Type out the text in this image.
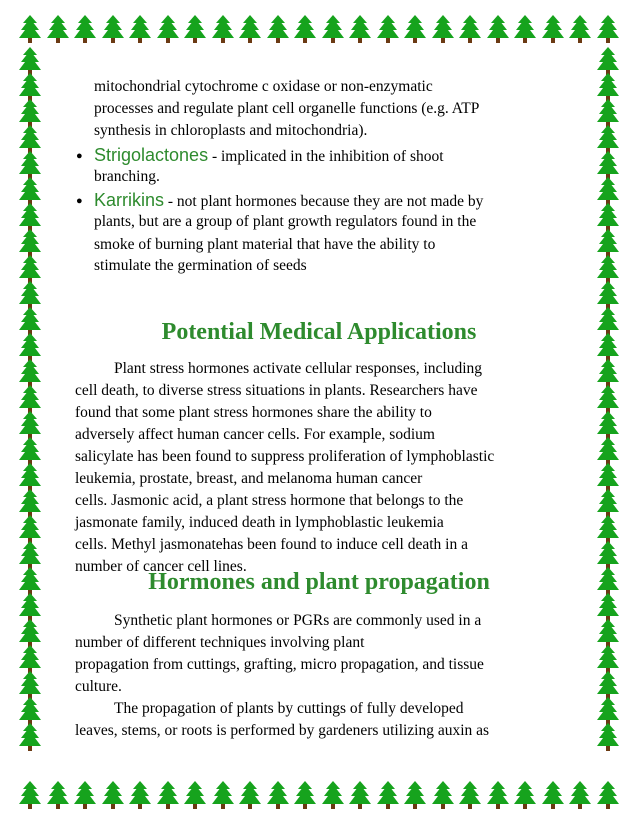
mitochondrial cytochrome c oxidase or non-enzymatic
processes and regulate plant cell organelle functions (e.g. ATP
synthesis in chloroplasts and mitochondria).
● Strigolactones - implicated in the inhibition of shoot
branching.
● Karrikins - not plant hormones because they are not made by
plants, but are a group of plant growth regulators found in the
smoke of burning plant material that have the ability to
stimulate the germination of seeds
Potential Medical Applications
Plant stress hormones activate cellular responses, including
cell death, to diverse stress situations in plants. Researchers have
found that some plant stress hormones share the ability to
adversely affect human cancer cells. For example, sodium
salicylate has been found to suppress proliferation of lymphoblastic
leukemia, prostate, breast, and melanoma human cancer
cells. Jasmonic acid, a plant stress hormone that belongs to the
jasmonate family, induced death in lymphoblastic leukemia
cells. Methyl jasmonatehas been found to induce cell death in a
number of cancer cell lines.
Hormones and plant propagation
Synthetic plant hormones or PGRs are commonly used in a
number of different techniques involving plant
propagation from cuttings, grafting, micro propagation, and tissue
culture.
The propagation of plants by cuttings of fully developed
leaves, stems, or roots is performed by gardeners utilizing auxin as
